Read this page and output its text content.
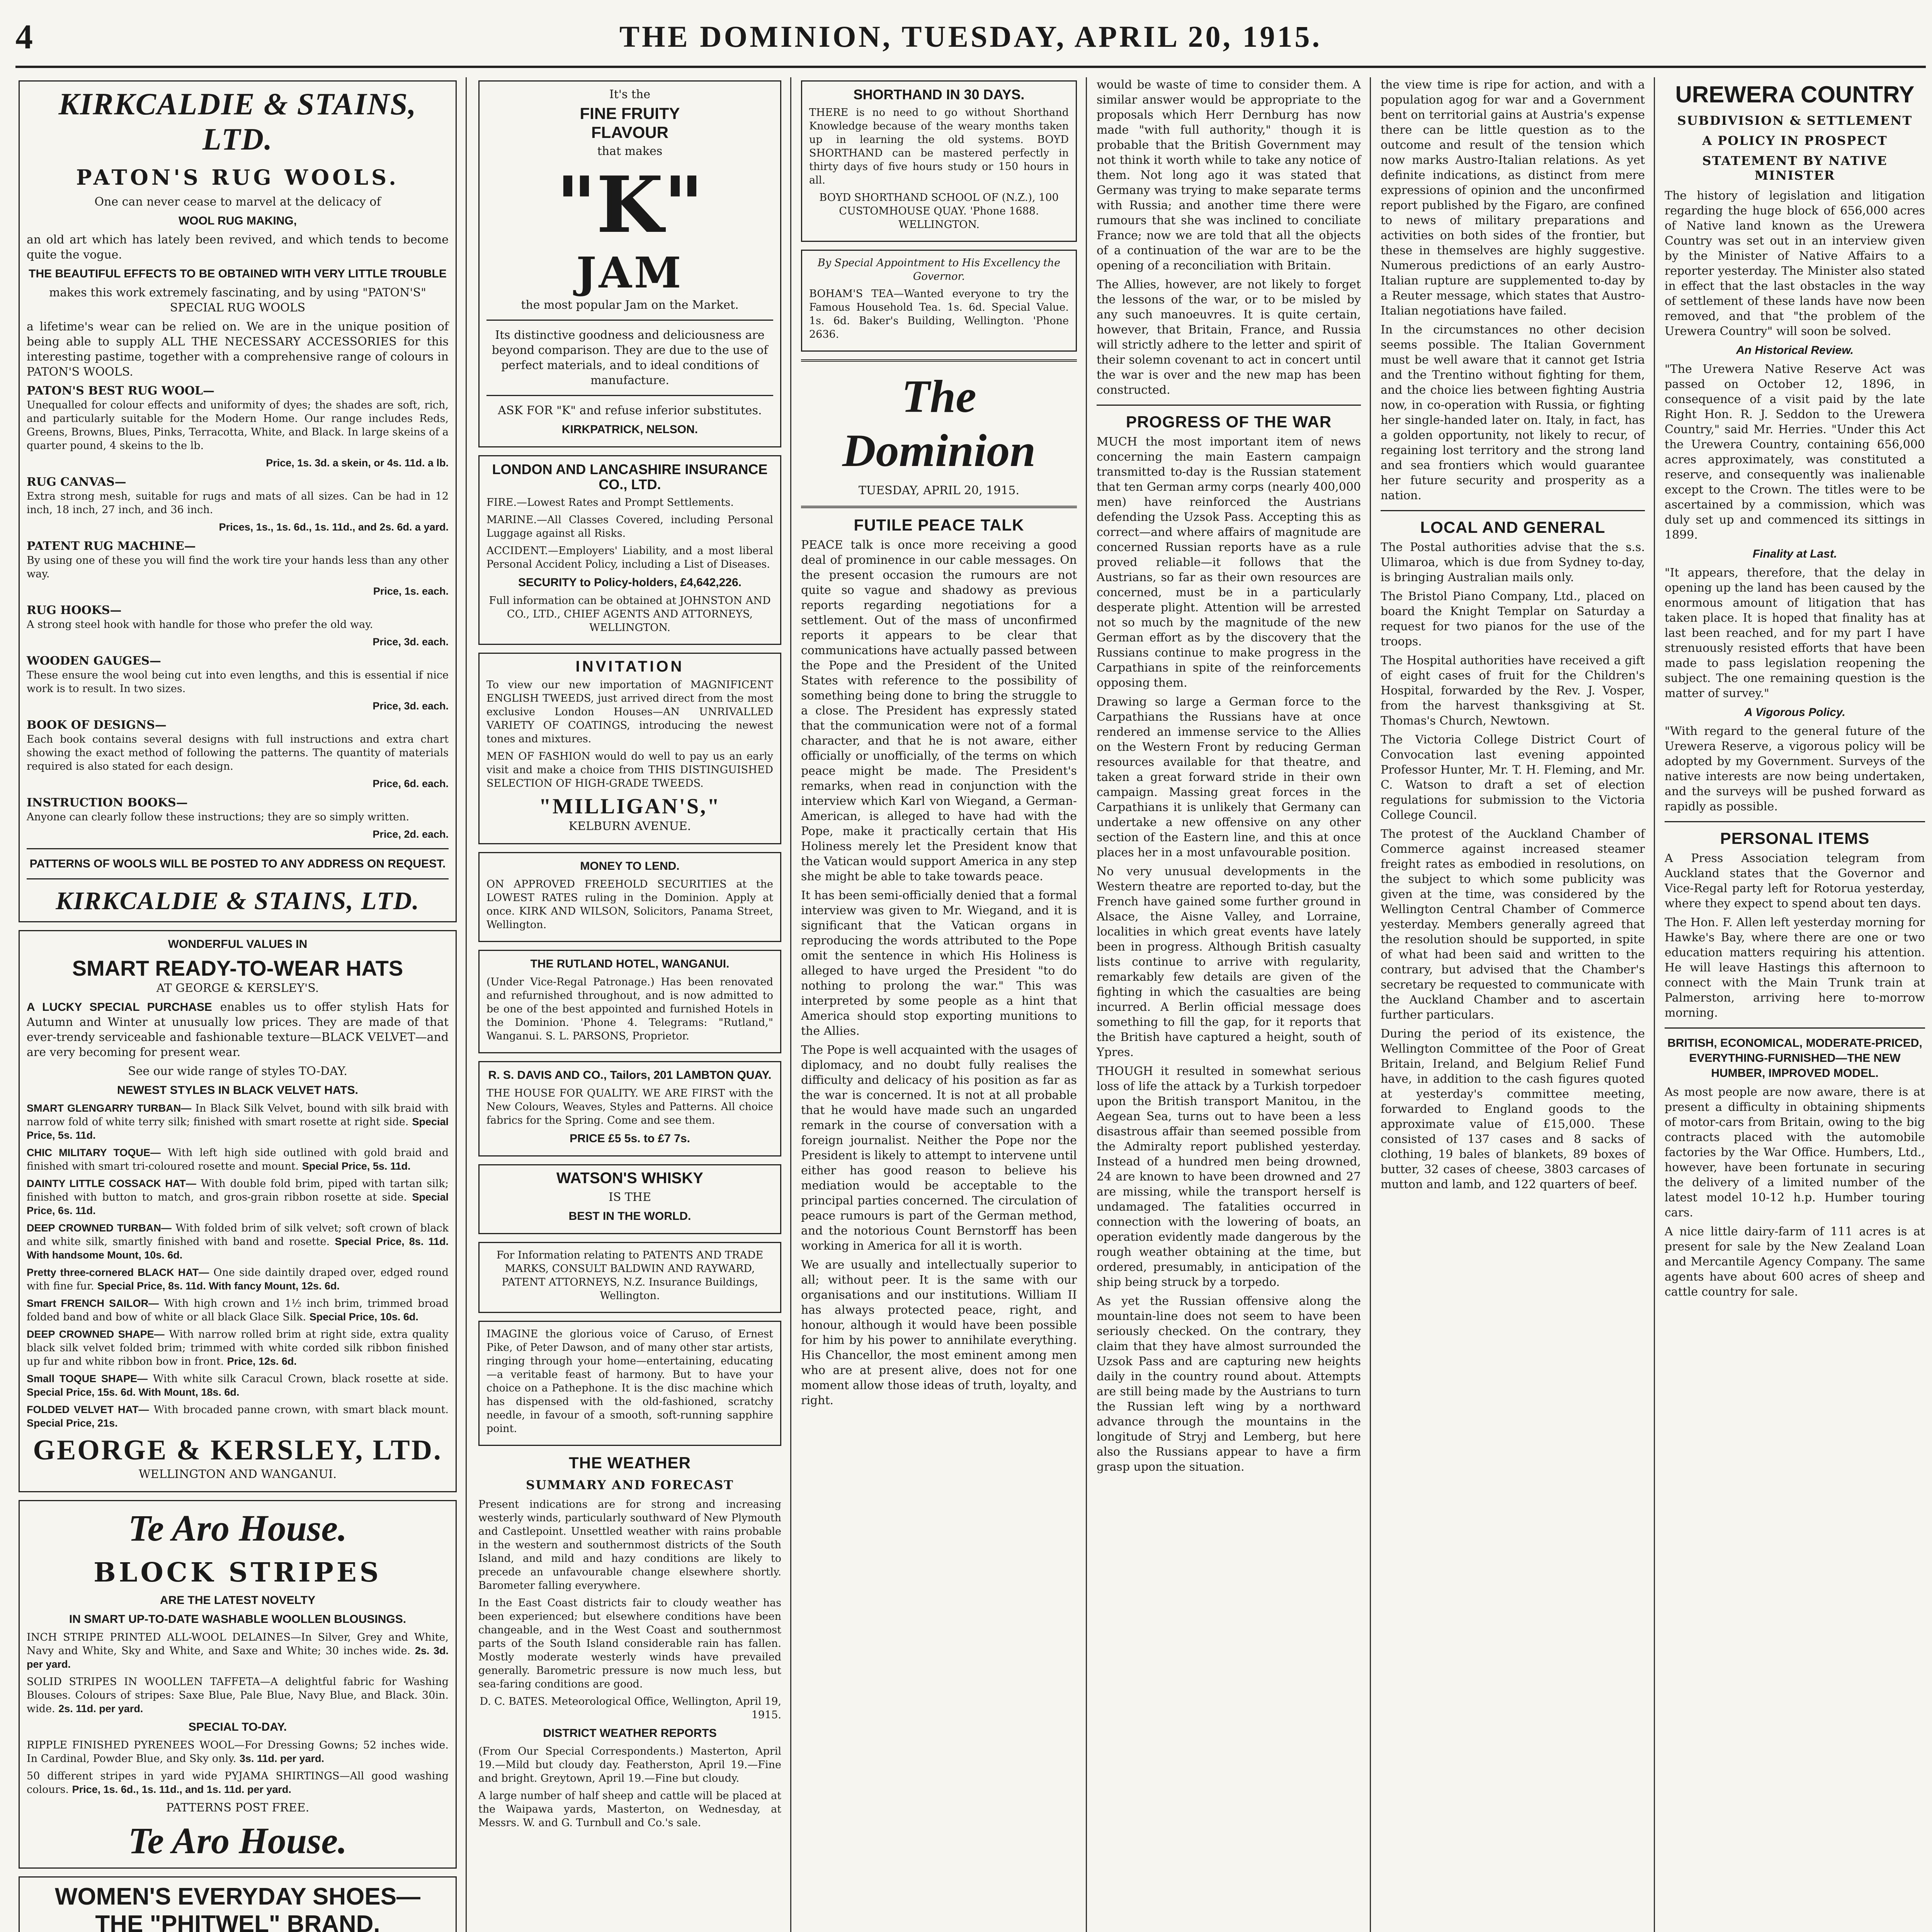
4	THE DOMINION, TUESDAY, APRIL 20, 1915.
KIRKCALDIE & STAINS, LTD.
PATON'S RUG WOOLS.

One can never cease to marvel at the delicacy of

WOOL RUG MAKING,

an old art which has lately been revived, and which tends to become quite the vogue.

THE BEAUTIFUL EFFECTS TO BE OBTAINED WITH VERY LITTLE TROUBLE

makes this work extremely fascinating, and by using "PATON'S" SPECIAL RUG WOOLS

a lifetime's wear can be relied on. We are in the unique position of being able to supply ALL THE NECESSARY ACCESSORIES for this interesting pastime, together with a comprehensive range of colours in PATON'S WOOLS.

PATON'S BEST RUG WOOL—

Unequalled for colour effects and uniformity of dyes; the shades are soft, rich, and particularly suitable for the Modern Home. Our range includes Reds, Greens, Browns, Blues, Pinks, Terracotta, White, and Black. In large skeins of a quarter pound, 4 skeins to the lb.

Price, 1s. 3d. a skein, or 4s. 11d. a lb.

RUG CANVAS—

Extra strong mesh, suitable for rugs and mats of all sizes. Can be had in 12 inch, 18 inch, 27 inch, and 36 inch.

Prices, 1s., 1s. 6d., 1s. 11d., and 2s. 6d. a yard.

PATENT RUG MACHINE—

By using one of these you will find the work tire your hands less than any other way.

Price, 1s. each.

RUG HOOKS—

A strong steel hook with handle for those who prefer the old way.

Price, 3d. each.

WOODEN GAUGES—

These ensure the wool being cut into even lengths, and this is essential if nice work is to result. In two sizes.

Price, 3d. each.

BOOK OF DESIGNS—

Each book contains several designs with full instructions and extra chart showing the exact method of following the patterns. The quantity of materials required is also stated for each design.

Price, 6d. each.

INSTRUCTION BOOKS—

Anyone can clearly follow these instructions; they are so simply written.

Price, 2d. each.

PATTERNS OF WOOLS WILL BE POSTED TO ANY ADDRESS ON REQUEST.

KIRKCALDIE & STAINS, LTD.

WONDERFUL VALUES IN

SMART READY-TO-WEAR HATS

AT GEORGE & KERSLEY'S.

A LUCKY SPECIAL PURCHASE enables us to offer stylish Hats for Autumn and Winter at unusually low prices. They are made of that ever-trendy serviceable and fashionable texture—BLACK VELVET—and are very becoming for present wear.

See our wide range of styles TO-DAY.

NEWEST STYLES IN BLACK VELVET HATS.

SMART GLENGARRY TURBAN— In Black Silk Velvet, bound with silk braid with narrow fold of white terry silk; finished with smart rosette at right side. Special Price, 5s. 11d.

CHIC MILITARY TOQUE— With left high side outlined with gold braid and finished with smart tri-coloured rosette and mount. Special Price, 5s. 11d.

DAINTY LITTLE COSSACK HAT— With double fold brim, piped with tartan silk; finished with button to match, and gros-grain ribbon rosette at side. Special Price, 6s. 11d.

DEEP CROWNED TURBAN— With folded brim of silk velvet; soft crown of black and white silk, smartly finished with band and rosette. Special Price, 8s. 11d. With handsome Mount, 10s. 6d.

Pretty three-cornered BLACK HAT— One side daintily draped over, edged round with fine fur. Special Price, 8s. 11d. With fancy Mount, 12s. 6d.

Smart FRENCH SAILOR— With high crown and 1½ inch brim, trimmed broad folded band and bow of white or all black Glace Silk. Special Price, 10s. 6d.

DEEP CROWNED SHAPE— With narrow rolled brim at right side, extra quality black silk velvet folded brim; trimmed with white corded silk ribbon finished up fur and white ribbon bow in front. Price, 12s. 6d.

Small TOQUE SHAPE— With white silk Caracul Crown, black rosette at side. Special Price, 15s. 6d. With Mount, 18s. 6d.

FOLDED VELVET HAT— With brocaded panne crown, with smart black mount. Special Price, 21s.

GEORGE & KERSLEY, LTD.

WELLINGTON AND WANGANUI.

Te Aro House.
BLOCK STRIPES

ARE THE LATEST NOVELTY

IN SMART UP-TO-DATE WASHABLE WOOLLEN BLOUSINGS.

INCH STRIPE PRINTED ALL-WOOL DELAINES—In Silver, Grey and White, Navy and White, Sky and White, and Saxe and White; 30 inches wide. 2s. 3d. per yard.

SOLID STRIPES IN WOOLLEN TAFFETA—A delightful fabric for Washing Blouses. Colours of stripes: Saxe Blue, Pale Blue, Navy Blue, and Black. 30in. wide. 2s. 11d. per yard.

SPECIAL TO-DAY.

RIPPLE FINISHED PYRENEES WOOL—For Dressing Gowns; 52 inches wide. In Cardinal, Powder Blue, and Sky only. 3s. 11d. per yard.

50 different stripes in yard wide PYJAMA SHIRTINGS—All good washing colours. Price, 1s. 6d., 1s. 11d., and 1s. 11d. per yard.

PATTERNS POST FREE.

Te Aro House.
WOMEN'S EVERYDAY SHOES—
THE "PHITWEL" BRAND.

It's the

FINE FRUITY

FLAVOUR

that makes

"K"
JAM

the most popular Jam on the Market.

Its distinctive goodness and deliciousness are beyond comparison. They are due to the use of perfect materials, and to ideal conditions of manufacture.

ASK FOR "K" and refuse inferior substitutes.

KIRKPATRICK, NELSON.

LONDON AND LANCASHIRE INSURANCE CO., LTD.

FIRE.—Lowest Rates and Prompt Settlements.

MARINE.—All Classes Covered, including Personal Luggage against all Risks.

ACCIDENT.—Employers' Liability, and a most liberal Personal Accident Policy, including a List of Diseases.

SECURITY to Policy-holders, £4,642,226.

Full information can be obtained at JOHNSTON AND CO., LTD., CHIEF AGENTS AND ATTORNEYS, WELLINGTON.

INVITATION

To view our new importation of MAGNIFICENT ENGLISH TWEEDS, just arrived direct from the most exclusive London Houses—AN UNRIVALLED VARIETY OF COATINGS, introducing the newest tones and mixtures.

MEN OF FASHION would do well to pay us an early visit and make a choice from THIS DISTINGUISHED SELECTION OF HIGH-GRADE TWEEDS.

"MILLIGAN'S,"

KELBURN AVENUE.

MONEY TO LEND.

ON APPROVED FREEHOLD SECURITIES at the LOWEST RATES ruling in the Dominion. Apply at once. KIRK AND WILSON, Solicitors, Panama Street, Wellington.

THE RUTLAND HOTEL, WANGANUI.

(Under Vice-Regal Patronage.) Has been renovated and refurnished throughout, and is now admitted to be one of the best appointed and furnished Hotels in the Dominion. 'Phone 4. Telegrams: "Rutland," Wanganui. S. L. PARSONS, Proprietor.

R. S. DAVIS AND CO., Tailors, 201 LAMBTON QUAY.

THE HOUSE FOR QUALITY. WE ARE FIRST with the New Colours, Weaves, Styles and Patterns. All choice fabrics for the Spring. Come and see them.

PRICE £5 5s. to £7 7s.

WATSON'S WHISKY

IS THE

BEST IN THE WORLD.

For Information relating to PATENTS AND TRADE MARKS, CONSULT BALDWIN AND RAYWARD, PATENT ATTORNEYS, N.Z. Insurance Buildings, Wellington.

IMAGINE the glorious voice of Caruso, of Ernest Pike, of Peter Dawson, and of many other star artists, ringing through your home—entertaining, educating—a veritable feast of harmony. But to have your choice on a Pathephone. It is the disc machine which has dispensed with the old-fashioned, scratchy needle, in favour of a smooth, soft-running sapphire point.

THE WEATHER
SUMMARY AND FORECAST

Present indications are for strong and increasing westerly winds, particularly southward of New Plymouth and Castlepoint. Unsettled weather with rains probable in the western and southernmost districts of the South Island, and mild and hazy conditions are likely to precede an unfavourable change elsewhere shortly. Barometer falling everywhere.

In the East Coast districts fair to cloudy weather has been experienced; but elsewhere conditions have been changeable, and in the West Coast and southernmost parts of the South Island considerable rain has fallen. Mostly moderate westerly winds have prevailed generally. Barometric pressure is now much less, but sea-faring conditions are good.

D. C. BATES. Meteorological Office, Wellington, April 19, 1915.

DISTRICT WEATHER REPORTS

(From Our Special Correspondents.) Masterton, April 19.—Mild but cloudy day. Featherston, April 19.—Fine and bright. Greytown, April 19.—Fine but cloudy.

A large number of half sheep and cattle will be placed at the Waipawa yards, Masterton, on Wednesday, at Messrs. W. and G. Turnbull and Co.'s sale.

SHORTHAND IN 30 DAYS.

THERE is no need to go without Shorthand Knowledge because of the weary months taken up in learning the old systems. BOYD SHORTHAND can be mastered perfectly in thirty days of five hours study or 150 hours in all.

BOYD SHORTHAND SCHOOL OF (N.Z.), 100 CUSTOMHOUSE QUAY. 'Phone 1688. WELLINGTON.

By Special Appointment to His Excellency the Governor.

BOHAM'S TEA—Wanted everyone to try the Famous Household Tea. 1s. 6d. Special Value. 1s. 6d. Baker's Building, Wellington. 'Phone 2636.

The Dominion

TUESDAY, APRIL 20, 1915.

FUTILE PEACE TALK

PEACE talk is once more receiving a good deal of prominence in our cable messages. On the present occasion the rumours are not quite so vague and shadowy as previous reports regarding negotiations for a settlement. Out of the mass of unconfirmed reports it appears to be clear that communications have actually passed between the Pope and the President of the United States with reference to the possibility of something being done to bring the struggle to a close. The President has expressly stated that the communication were not of a formal character, and that he is not aware, either officially or unofficially, of the terms on which peace might be made. The President's remarks, when read in conjunction with the interview which Karl von Wiegand, a German-American, is alleged to have had with the Pope, make it practically certain that His Holiness merely let the President know that the Vatican would support America in any step she might be able to take towards peace.

It has been semi-officially denied that a formal interview was given to Mr. Wiegand, and it is significant that the Vatican organs in reproducing the words attributed to the Pope omit the sentence in which His Holiness is alleged to have urged the President "to do nothing to prolong the war." This was interpreted by some people as a hint that America should stop exporting munitions to the Allies.

The Pope is well acquainted with the usages of diplomacy, and no doubt fully realises the difficulty and delicacy of his position as far as the war is concerned. It is not at all probable that he would have made such an ungarded remark in the course of conversation with a foreign journalist. Neither the Pope nor the President is likely to attempt to intervene until either has good reason to believe his mediation would be acceptable to the principal parties concerned. The circulation of peace rumours is part of the German method, and the notorious Count Bernstorff has been working in America for all it is worth.

We are usually and intellectually superior to all; without peer. It is the same with our organisations and our institutions. William II has always protected peace, right, and honour, although it would have been possible for him by his power to annihilate everything. His Chancellor, the most eminent among men who are at present alive, does not for one moment allow those ideas of truth, loyalty, and right.

would be waste of time to consider them. A similar answer would be appropriate to the proposals which Herr Dernburg has now made "with full authority," though it is probable that the British Government may not think it worth while to take any notice of them. Not long ago it was stated that Germany was trying to make separate terms with Russia; and another time there were rumours that she was inclined to conciliate France; now we are told that all the objects of a continuation of the war are to be the opening of a reconciliation with Britain.

The Allies, however, are not likely to forget the lessons of the war, or to be misled by any such manoeuvres. It is quite certain, however, that Britain, France, and Russia will strictly adhere to the letter and spirit of their solemn covenant to act in concert until the war is over and the new map has been constructed.

PROGRESS OF THE WAR

MUCH the most important item of news concerning the main Eastern campaign transmitted to-day is the Russian statement that ten German army corps (nearly 400,000 men) have reinforced the Austrians defending the Uzsok Pass. Accepting this as correct—and where affairs of magnitude are concerned Russian reports have as a rule proved reliable—it follows that the Austrians, so far as their own resources are concerned, must be in a particularly desperate plight. Attention will be arrested not so much by the magnitude of the new German effort as by the discovery that the Russians continue to make progress in the Carpathians in spite of the reinforcements opposing them.

Drawing so large a German force to the Carpathians the Russians have at once rendered an immense service to the Allies on the Western Front by reducing German resources available for that theatre, and taken a great forward stride in their own campaign. Massing great forces in the Carpathians it is unlikely that Germany can undertake a new offensive on any other section of the Eastern line, and this at once places her in a most unfavourable position.

No very unusual developments in the Western theatre are reported to-day, but the French have gained some further ground in Alsace, the Aisne Valley, and Lorraine, localities in which great events have lately been in progress. Although British casualty lists continue to arrive with regularity, remarkably few details are given of the fighting in which the casualties are being incurred. A Berlin official message does something to fill the gap, for it reports that the British have captured a height, south of Ypres.

THOUGH it resulted in somewhat serious loss of life the attack by a Turkish torpedoer upon the British transport Manitou, in the Aegean Sea, turns out to have been a less disastrous affair than seemed possible from the Admiralty report published yesterday. Instead of a hundred men being drowned, 24 are known to have been drowned and 27 are missing, while the transport herself is undamaged. The fatalities occurred in connection with the lowering of boats, an operation evidently made dangerous by the rough weather obtaining at the time, but ordered, presumably, in anticipation of the ship being struck by a torpedo.

As yet the Russian offensive along the mountain-line does not seem to have been seriously checked. On the contrary, they claim that they have almost surrounded the Uzsok Pass and are capturing new heights daily in the country round about. Attempts are still being made by the Austrians to turn the Russian left wing by a northward advance through the mountains in the longitude of Stryj and Lemberg, but here also the Russians appear to have a firm grasp upon the situation.

the view time is ripe for action, and with a population agog for war and a Government bent on territorial gains at Austria's expense there can be little question as to the outcome and result of the tension which now marks Austro-Italian relations. As yet definite indications, as distinct from mere expressions of opinion and the unconfirmed report published by the Figaro, are confined to news of military preparations and activities on both sides of the frontier, but these in themselves are highly suggestive. Numerous predictions of an early Austro-Italian rupture are supplemented to-day by a Reuter message, which states that Austro-Italian negotiations have failed.

In the circumstances no other decision seems possible. The Italian Government must be well aware that it cannot get Istria and the Trentino without fighting for them, and the choice lies between fighting Austria now, in co-operation with Russia, or fighting her single-handed later on. Italy, in fact, has a golden opportunity, not likely to recur, of regaining lost territory and the strong land and sea frontiers which would guarantee her future security and prosperity as a nation.

LOCAL AND GENERAL

The Postal authorities advise that the s.s. Ulimaroa, which is due from Sydney to-day, is bringing Australian mails only.

The Bristol Piano Company, Ltd., placed on board the Knight Templar on Saturday a request for two pianos for the use of the troops.

The Hospital authorities have received a gift of eight cases of fruit for the Children's Hospital, forwarded by the Rev. J. Vosper, from the harvest thanksgiving at St. Thomas's Church, Newtown.

The Victoria College District Court of Convocation last evening appointed Professor Hunter, Mr. T. H. Fleming, and Mr. C. Watson to draft a set of election regulations for submission to the Victoria College Council.

The protest of the Auckland Chamber of Commerce against increased steamer freight rates as embodied in resolutions, on the subject to which some publicity was given at the time, was considered by the Wellington Central Chamber of Commerce yesterday. Members generally agreed that the resolution should be supported, in spite of what had been said and written to the contrary, but advised that the Chamber's secretary be requested to communicate with the Auckland Chamber and to ascertain further particulars.

During the period of its existence, the Wellington Committee of the Poor of Great Britain, Ireland, and Belgium Relief Fund have, in addition to the cash figures quoted at yesterday's committee meeting, forwarded to England goods to the approximate value of £15,000. These consisted of 137 cases and 8 sacks of clothing, 19 bales of blankets, 89 boxes of butter, 32 cases of cheese, 3803 carcases of mutton and lamb, and 122 quarters of beef.

UREWERA COUNTRY
SUBDIVISION & SETTLEMENT
A POLICY IN PROSPECT
STATEMENT BY NATIVE MINISTER

The history of legislation and litigation regarding the huge block of 656,000 acres of Native land known as the Urewera Country was set out in an interview given by the Minister of Native Affairs to a reporter yesterday. The Minister also stated in effect that the last obstacles in the way of settlement of these lands have now been removed, and that "the problem of the Urewera Country" will soon be solved.

An Historical Review.

"The Urewera Native Reserve Act was passed on October 12, 1896, in consequence of a visit paid by the late Right Hon. R. J. Seddon to the Urewera Country," said Mr. Herries. "Under this Act the Urewera Country, containing 656,000 acres approximately, was constituted a reserve, and consequently was inalienable except to the Crown. The titles were to be ascertained by a commission, which was duly set up and commenced its sittings in 1899.

Finality at Last.

"It appears, therefore, that the delay in opening up the land has been caused by the enormous amount of litigation that has taken place. It is hoped that finality has at last been reached, and for my part I have strenuously resisted efforts that have been made to pass legislation reopening the subject. The one remaining question is the matter of survey."

A Vigorous Policy.

"With regard to the general future of the Urewera Reserve, a vigorous policy will be adopted by my Government. Surveys of the native interests are now being undertaken, and the surveys will be pushed forward as rapidly as possible.

PERSONAL ITEMS

A Press Association telegram from Auckland states that the Governor and Vice-Regal party left for Rotorua yesterday, where they expect to spend about ten days.

The Hon. F. Allen left yesterday morning for Hawke's Bay, where there are one or two education matters requiring his attention. He will leave Hastings this afternoon to connect with the Main Trunk train at Palmerston, arriving here to-morrow morning.

BRITISH, ECONOMICAL, MODERATE-PRICED, EVERYTHING-FURNISHED—THE NEW HUMBER, IMPROVED MODEL.

As most people are now aware, there is at present a difficulty in obtaining shipments of motor-cars from Britain, owing to the big contracts placed with the automobile factories by the War Office. Humbers, Ltd., however, have been fortunate in securing the delivery of a limited number of the latest model 10-12 h.p. Humber touring cars.

A nice little dairy-farm of 111 acres is at present for sale by the New Zealand Loan and Mercantile Agency Company. The same agents have about 600 acres of sheep and cattle country for sale.
